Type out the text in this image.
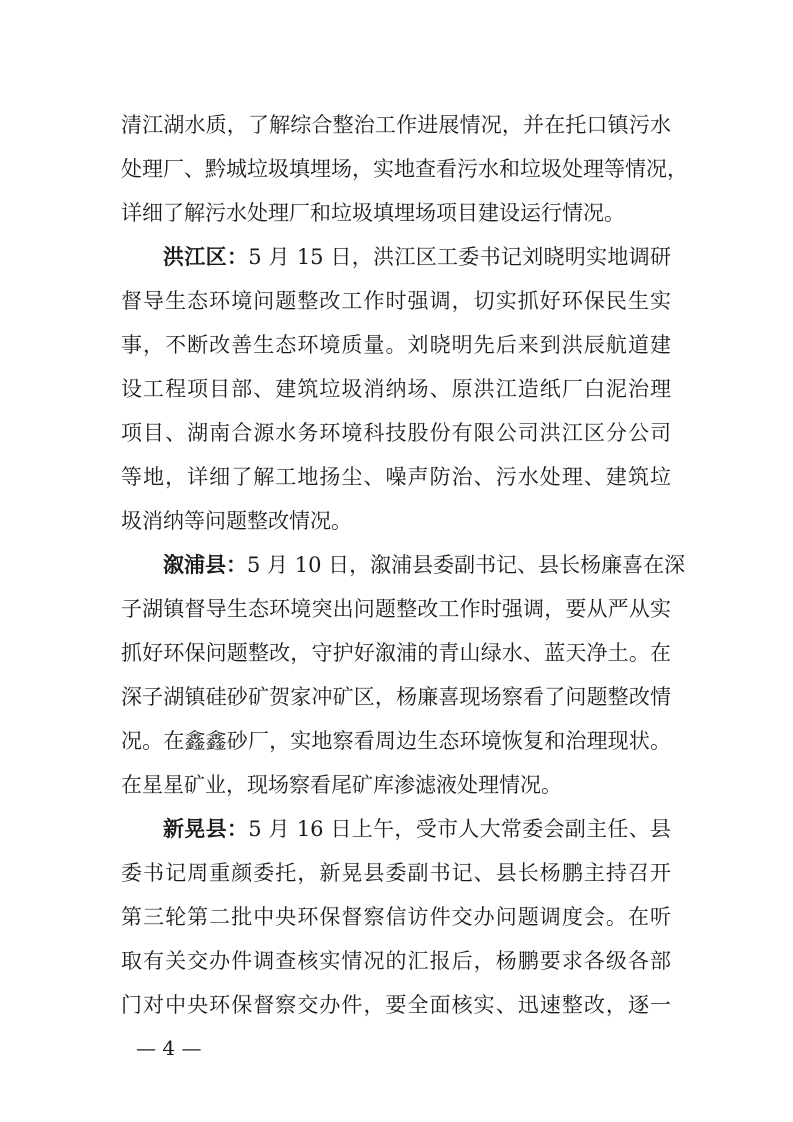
清江湖水质，了解综合整治工作进展情况，并在托口镇污水
处理厂、黔城垃圾填埋场，实地查看污水和垃圾处理等情况，
详细了解污水处理厂和垃圾填埋场项目建设运行情况。
洪江区：5 月 15 日，洪江区工委书记刘晓明实地调研
督导生态环境问题整改工作时强调，切实抓好环保民生实
事，不断改善生态环境质量。刘晓明先后来到洪辰航道建
设工程项目部、建筑垃圾消纳场、原洪江造纸厂白泥治理
项目、湖南合源水务环境科技股份有限公司洪江区分公司
等地，详细了解工地扬尘、噪声防治、污水处理、建筑垃
圾消纳等问题整改情况。
溆浦县：5 月 10 日，溆浦县委副书记、县长杨廉喜在深
子湖镇督导生态环境突出问题整改工作时强调，要从严从实
抓好环保问题整改，守护好溆浦的青山绿水、蓝天净土。在
深子湖镇硅砂矿贺家冲矿区，杨廉喜现场察看了问题整改情
况。在鑫鑫砂厂，实地察看周边生态环境恢复和治理现状。
在星星矿业，现场察看尾矿库渗滤液处理情况。
新晃县：5 月 16 日上午，受市人大常委会副主任、县
委书记周重颜委托，新晃县委副书记、县长杨鹏主持召开
第三轮第二批中央环保督察信访件交办问题调度会。在听
取有关交办件调查核实情况的汇报后，杨鹏要求各级各部
门对中央环保督察交办件，要全面核实、迅速整改，逐一
— 4 —
